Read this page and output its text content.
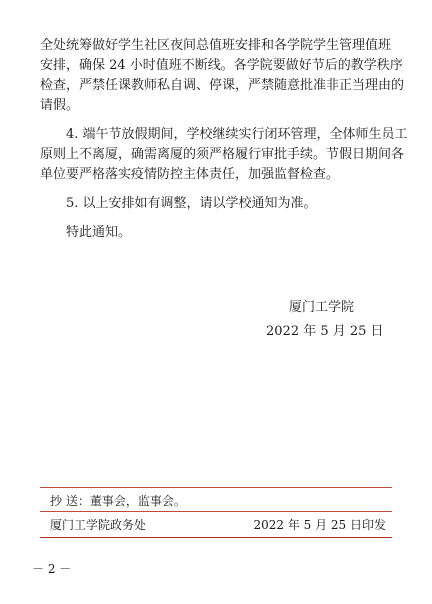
全处统筹做好学生社区夜间总值班安排和各学院学生管理值班
安排，确保 24 小时值班不断线。各学院要做好节后的教学秩序
检查，严禁任课教师私自调、停课，严禁随意批准非正当理由的
请假。
4. 端午节放假期间，学校继续实行闭环管理，全体师生员工
原则上不离厦，确需离厦的须严格履行审批手续。节假日期间各
单位要严格落实疫情防控主体责任，加强监督检查。
5. 以上安排如有调整，请以学校通知为准。
特此通知。
厦门工学院
2022 年 5 月 25 日
抄 送：董事会，监事会。
厦门工学院政务处	2022 年 5 月 25 日印发
－ 2 －
